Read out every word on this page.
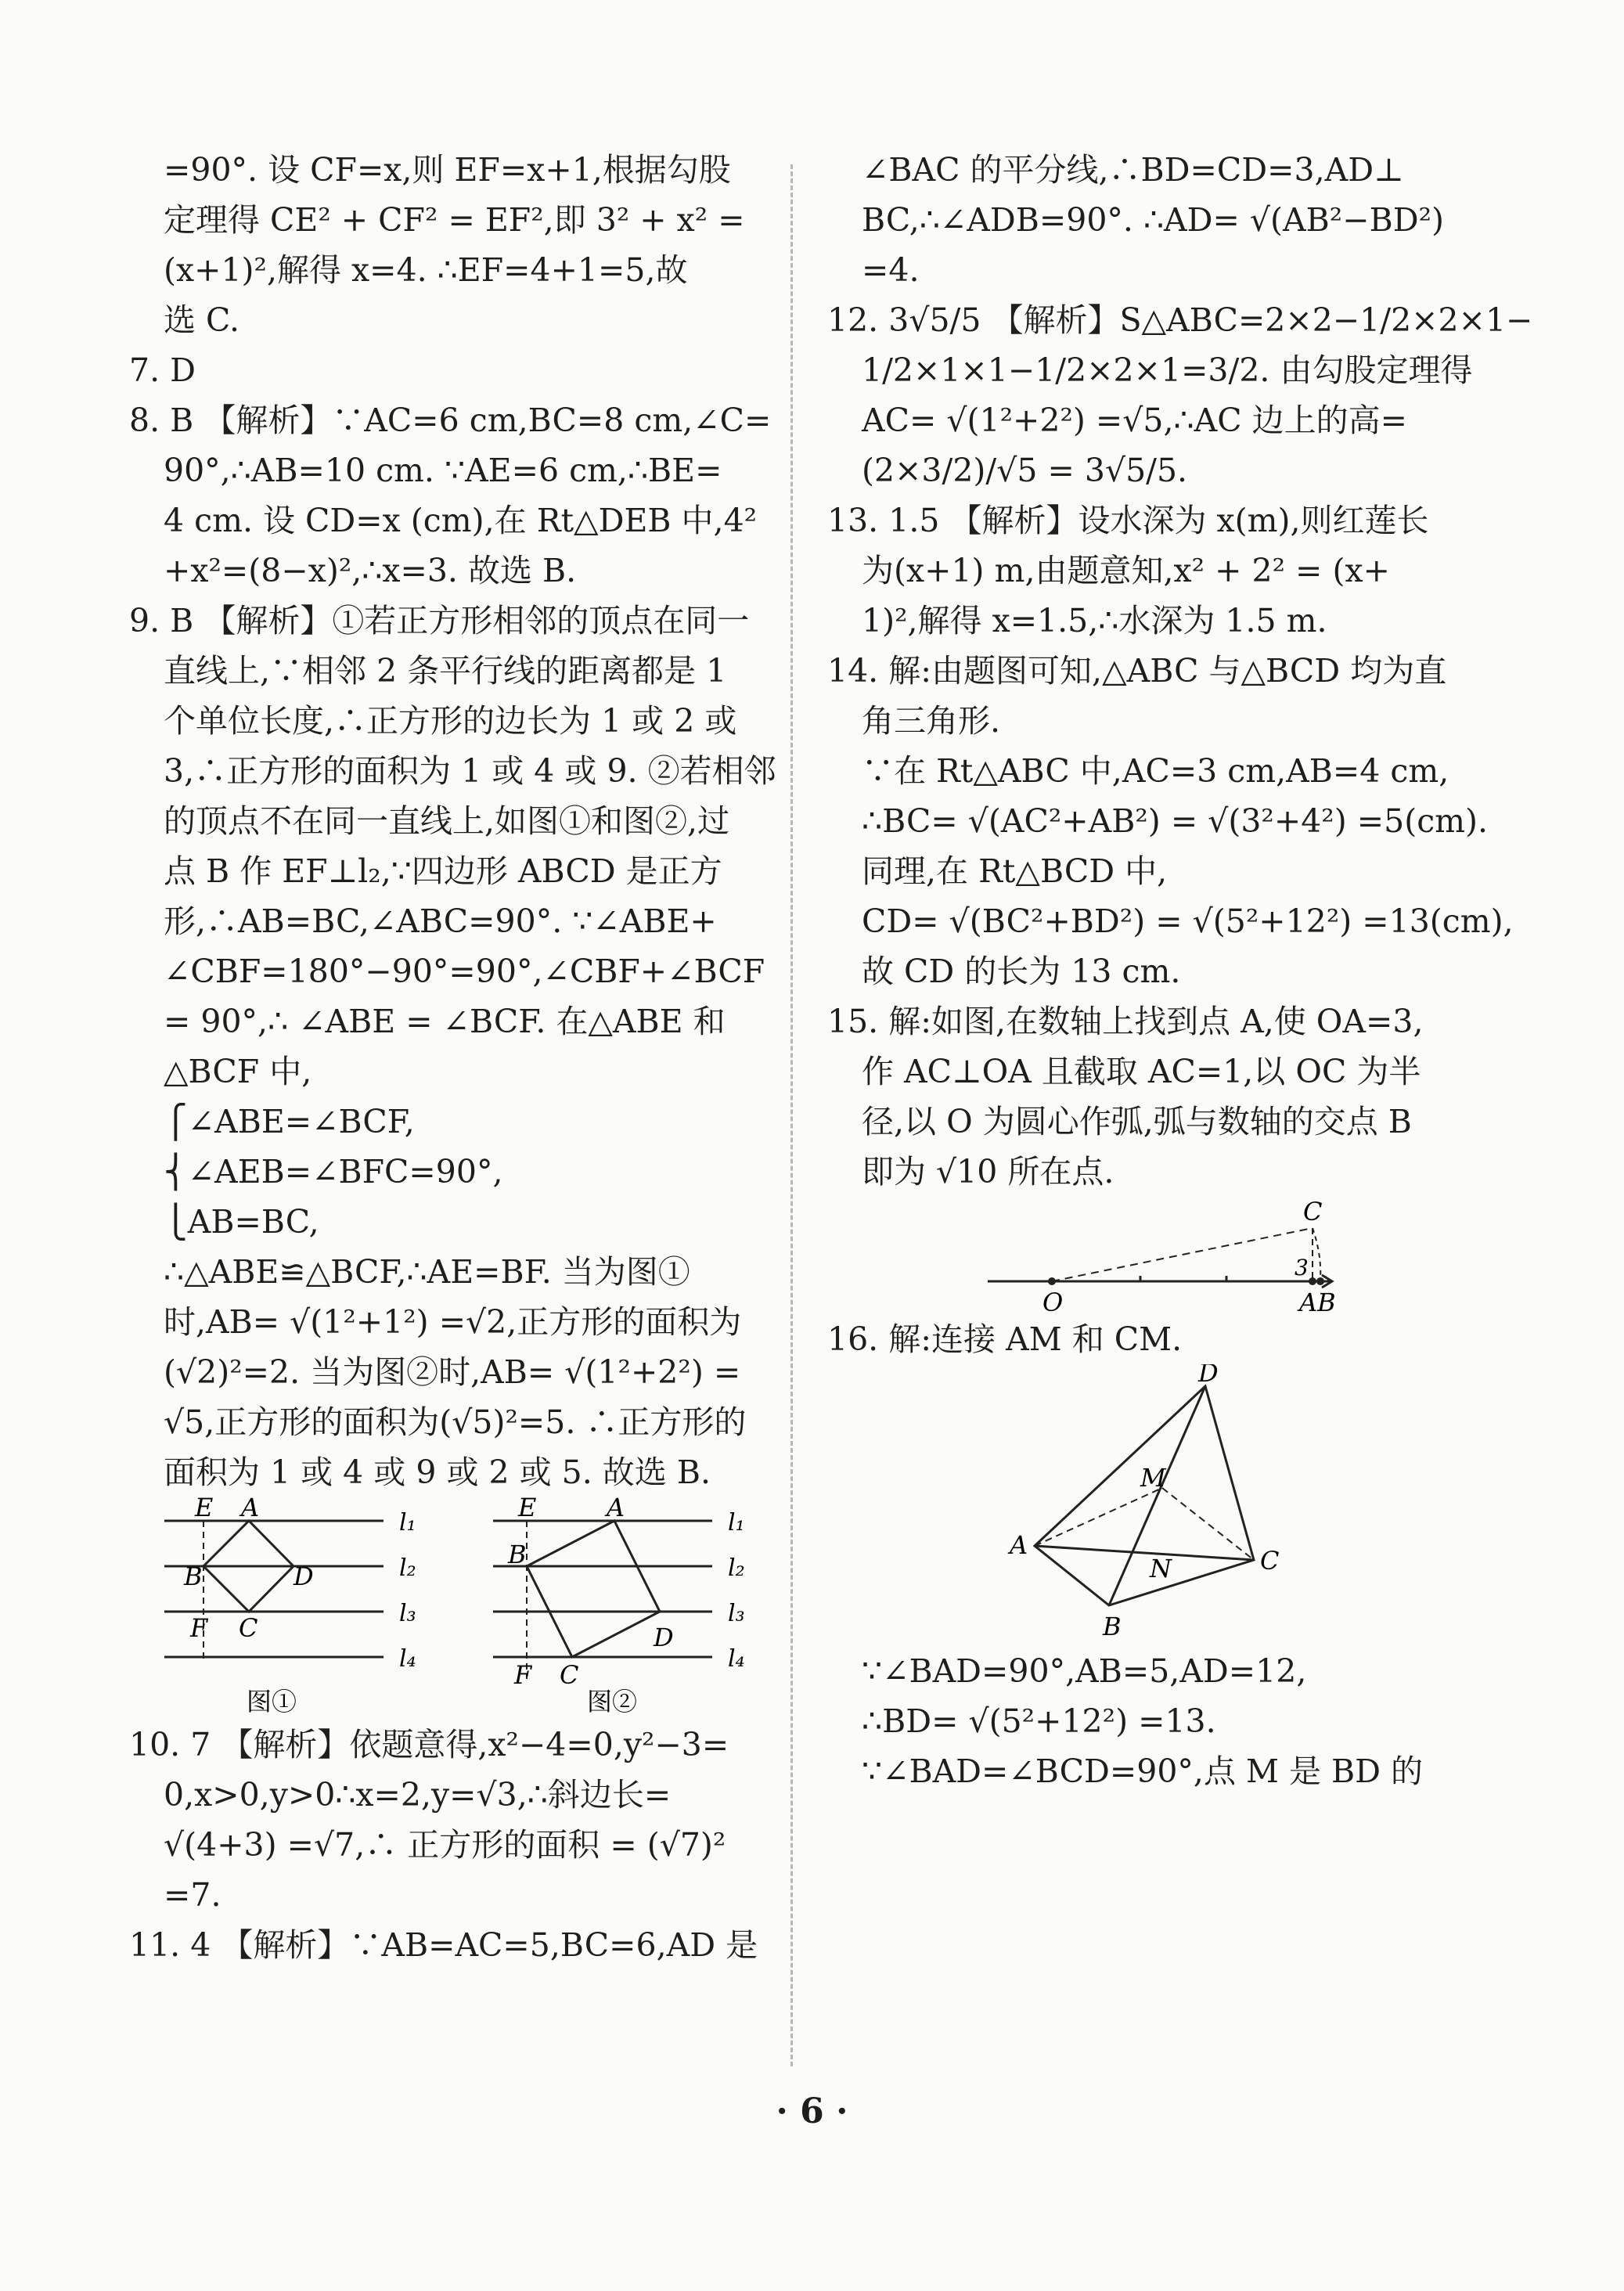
=90°. 设 CF=x,则 EF=x+1,根据勾股
定理得 CE² + CF² = EF²,即 3² + x² =
(x+1)²,解得 x=4. ∴EF=4+1=5,故
选 C.
7. D
8. B 【解析】∵AC=6 cm,BC=8 cm,∠C=
90°,∴AB=10 cm. ∵AE=6 cm,∴BE=
4 cm. 设 CD=x (cm),在 Rt△DEB 中,4²
+x²=(8−x)²,∴x=3. 故选 B.
9. B 【解析】①若正方形相邻的顶点在同一
直线上,∵相邻 2 条平行线的距离都是 1
个单位长度,∴正方形的边长为 1 或 2 或
3,∴正方形的面积为 1 或 4 或 9. ②若相邻
的顶点不在同一直线上,如图①和图②,过
点 B 作 EF⊥l₂,∵四边形 ABCD 是正方
形,∴AB=BC,∠ABC=90°. ∵∠ABE+
∠CBF=180°−90°=90°,∠CBF+∠BCF
= 90°,∴ ∠ABE = ∠BCF. 在△ABE 和
△BCF 中,
⎧∠ABE=∠BCF,
⎨∠AEB=∠BFC=90°,
⎩AB=BC,
∴△ABE≌△BCF,∴AE=BF. 当为图①
时,AB= √(1²+1²) =√2,正方形的面积为
(√2)²=2. 当为图②时,AB= √(1²+2²) =
√5,正方形的面积为(√5)²=5. ∴正方形的
面积为 1 或 4 或 9 或 2 或 5. 故选 B.
E A
B	D
F C
l₁
l₂
l₃
l₄
图①
E	A
B
D
F C
l₁
l₂
l₃
l₄
图②
10. 7 【解析】依题意得,x²−4=0,y²−3=
0,x>0,y>0∴x=2,y=√3,∴斜边长=
√(4+3) =√7,∴ 正方形的面积 = (√7)²
=7.
11. 4 【解析】∵AB=AC=5,BC=6,AD 是
∠BAC 的平分线,∴BD=CD=3,AD⊥
BC,∴∠ADB=90°. ∴AD= √(AB²−BD²)
=4.
12. 3√5/5 【解析】S△ABC=2×2−1/2×2×1−
1/2×1×1−1/2×2×1=3/2. 由勾股定理得
AC= √(1²+2²) =√5,∴AC 边上的高=
(2×3/2)/√5 = 3√5/5.
13. 1.5 【解析】设水深为 x(m),则红莲长
为(x+1) m,由题意知,x² + 2² = (x+
1)²,解得 x=1.5,∴水深为 1.5 m.
14. 解:由题图可知,△ABC 与△BCD 均为直
角三角形.
∵在 Rt△ABC 中,AC=3 cm,AB=4 cm,
∴BC= √(AC²+AB²) = √(3²+4²) =5(cm).
同理,在 Rt△BCD 中,
CD= √(BC²+BD²) = √(5²+12²) =13(cm),
故 CD 的长为 13 cm.
15. 解:如图,在数轴上找到点 A,使 OA=3,
作 AC⊥OA 且截取 AC=1,以 OC 为半
径,以 O 为圆心作弧,弧与数轴的交点 B
即为 √10 所在点.
C
3
O	AB
16. 解:连接 AM 和 CM.
D
M
A
N	C
B
∵∠BAD=90°,AB=5,AD=12,
∴BD= √(5²+12²) =13.
∵∠BAD=∠BCD=90°,点 M 是 BD 的
· 6 ·
